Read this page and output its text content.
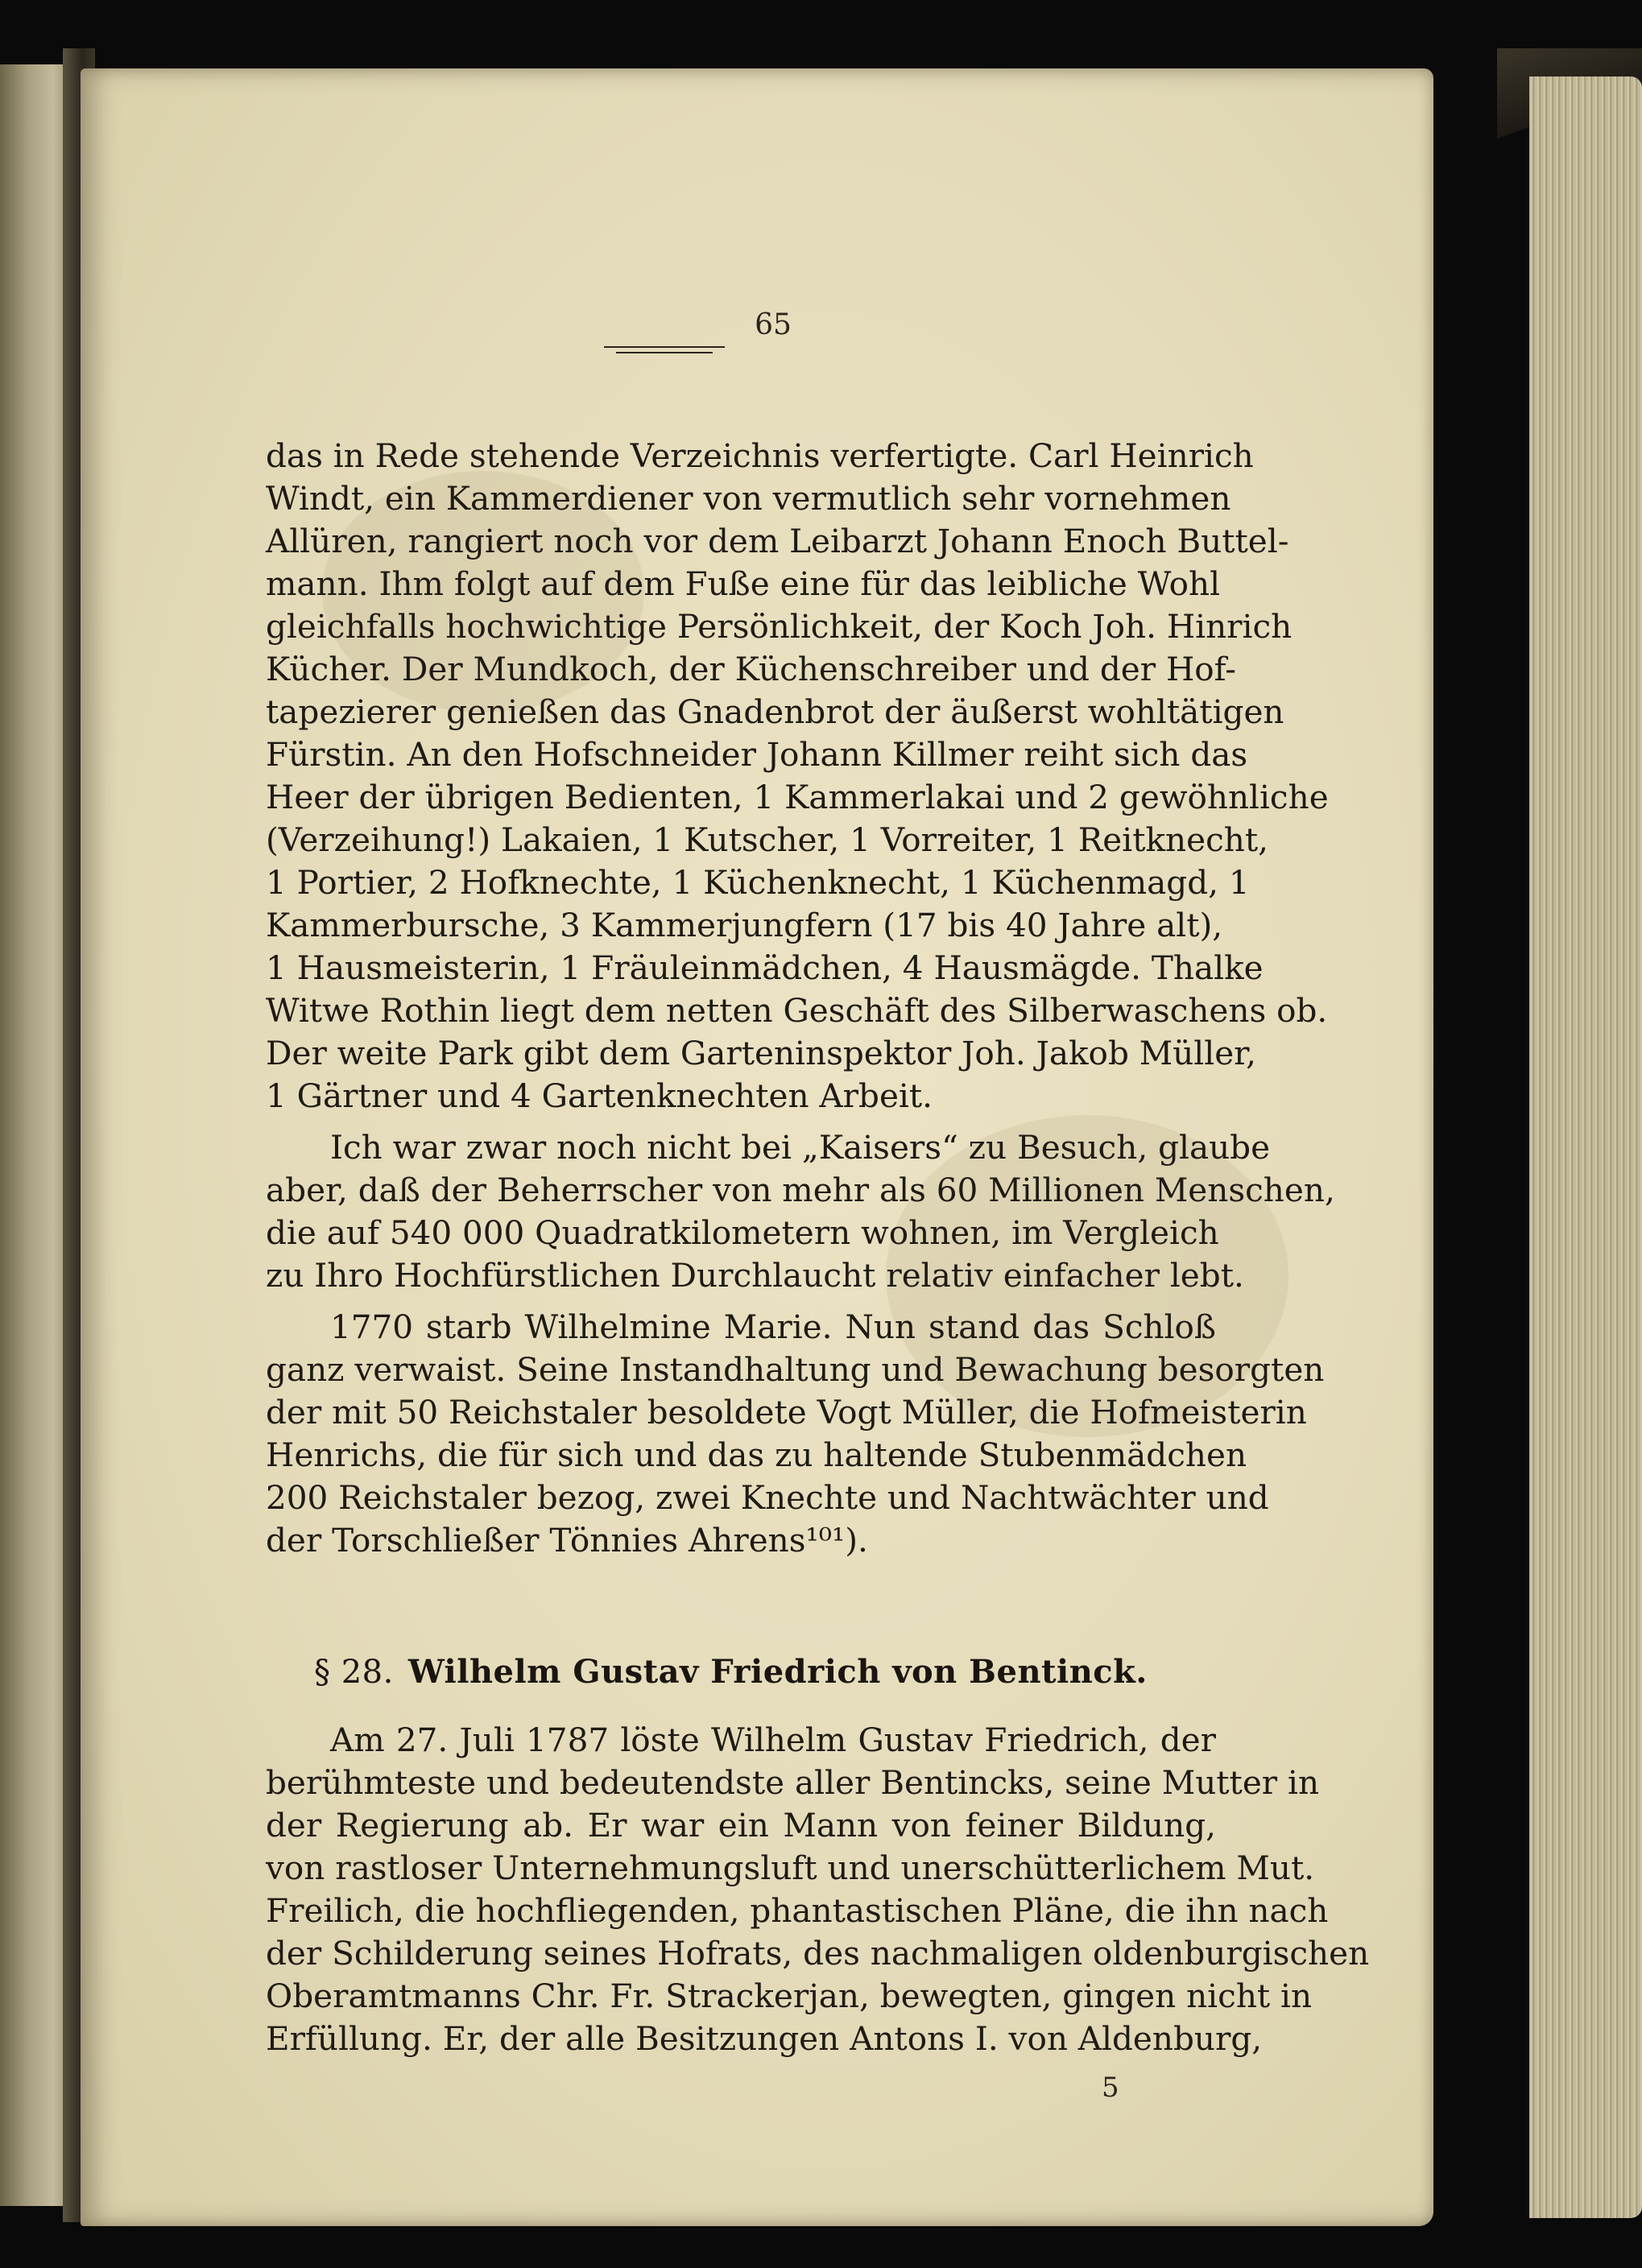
65
das in Rede stehende Verzeichnis verfertigte. Carl Heinrich
Windt, ein Kammerdiener von vermutlich sehr vornehmen
Allüren, rangiert noch vor dem Leibarzt Johann Enoch Buttel-
mann. Ihm folgt auf dem Fuße eine für das leibliche Wohl
gleichfalls hochwichtige Persönlichkeit, der Koch Joh. Hinrich
Kücher. Der Mundkoch, der Küchenschreiber und der Hof-
tapezierer genießen das Gnadenbrot der äußerst wohltätigen
Fürstin. An den Hofschneider Johann Killmer reiht sich das
Heer der übrigen Bedienten, 1 Kammerlakai und 2 gewöhnliche
(Verzeihung!) Lakaien, 1 Kutscher, 1 Vorreiter, 1 Reitknecht,
1 Portier, 2 Hofknechte, 1 Küchenknecht, 1 Küchenmagd, 1
Kammerbursche, 3 Kammerjungfern (17 bis 40 Jahre alt),
1 Hausmeisterin, 1 Fräuleinmädchen, 4 Hausmägde. Thalke
Witwe Rothin liegt dem netten Geschäft des Silberwaschens ob.
Der weite Park gibt dem Garteninspektor Joh. Jakob Müller,
1 Gärtner und 4 Gartenknechten Arbeit.
Ich war zwar noch nicht bei „Kaisers“ zu Besuch, glaube
aber, daß der Beherrscher von mehr als 60 Millionen Menschen,
die auf 540 000 Quadratkilometern wohnen, im Vergleich
zu Ihro Hochfürstlichen Durchlaucht relativ einfacher lebt.
1770 starb Wilhelmine Marie. Nun stand das Schloß
ganz verwaist. Seine Instandhaltung und Bewachung besorgten
der mit 50 Reichstaler besoldete Vogt Müller, die Hofmeisterin
Henrichs, die für sich und das zu haltende Stubenmädchen
200 Reichstaler bezog, zwei Knechte und Nachtwächter und
der Torschließer Tönnies Ahrens¹⁰¹).
§ 28. Wilhelm Gustav Friedrich von Bentinck.
Am 27. Juli 1787 löste Wilhelm Gustav Friedrich, der
berühmteste und bedeutendste aller Bentincks, seine Mutter in
der Regierung ab. Er war ein Mann von feiner Bildung,
von rastloser Unternehmungsluft und unerschütterlichem Mut.
Freilich, die hochfliegenden, phantastischen Pläne, die ihn nach
der Schilderung seines Hofrats, des nachmaligen oldenburgischen
Oberamtmanns Chr. Fr. Strackerjan, bewegten, gingen nicht in
Erfüllung. Er, der alle Besitzungen Antons I. von Aldenburg,
5
